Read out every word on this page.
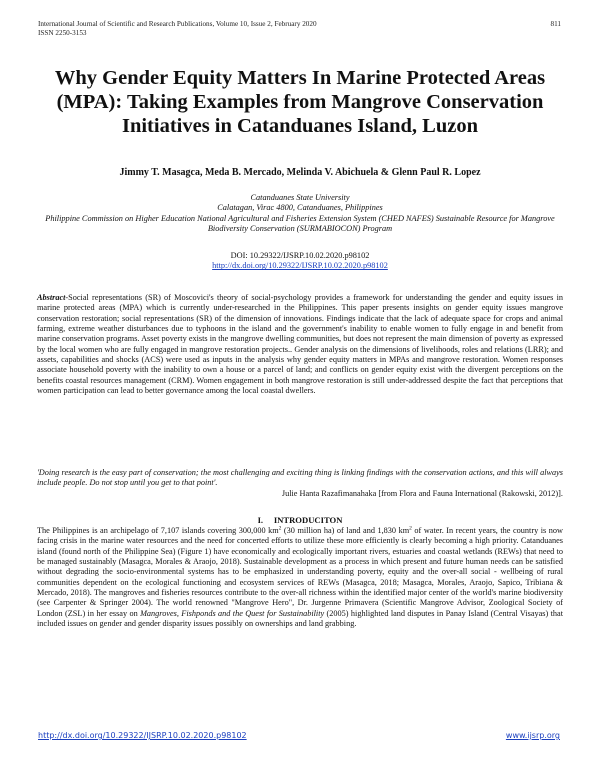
International Journal of Scientific and Research Publications, Volume 10, Issue 2, February 2020
ISSN 2250-3153
811
Why Gender Equity Matters In Marine Protected Areas (MPA): Taking Examples from Mangrove Conservation Initiatives in Catanduanes Island, Luzon
Jimmy T. Masagca, Meda B. Mercado, Melinda V. Abichuela & Glenn Paul R. Lopez
Catanduanes State University
Calatagan, Virac 4800, Catanduanes, Philippines
Philippine Commission on Higher Education National Agricultural and Fisheries Extension System (CHED NAFES) Sustainable Resource for Mangrove Biodiversity Conservation (SURMABIOCON) Program
DOI: 10.29322/IJSRP.10.02.2020.p98102
http://dx.doi.org/10.29322/IJSRP.10.02.2020.p98102
Abstract-Social representations (SR) of Moscovici's theory of social-psychology provides a framework for understanding the gender and equity issues in marine protected areas (MPA) which is currently under-researched in the Philippines. This paper presents insights on gender equity issues mangrove conservation restoration; social representations (SR) of the dimension of innovations. Findings indicate that the lack of adequate space for crops and animal farming, extreme weather disturbances due to typhoons in the island and the government's inability to enable women to fully engage in and benefit from marine conservation programs. Asset poverty exists in the mangrove dwelling communities, but does not represent the main dimension of poverty as expressed by the local women who are fully engaged in mangrove restoration projects.. Gender analysis on the dimensions of livelihoods, roles and relations (LRR); and assets, capabilities and shocks (ACS) were used as inputs in the analysis why gender equity matters in MPAs and mangrove restoration. Women responses associate household poverty with the inability to own a house or a parcel of land; and conflicts on gender equity exist with the divergent perceptions on the benefits coastal resources management (CRM). Women engagement in both mangrove restoration is still under-addressed despite the fact that perceptions that women participation can lead to better governance among the local coastal dwellers.
'Doing research is the easy part of conservation; the most challenging and exciting thing is linking findings with the conservation actions, and this will always include people. Do not stop until you get to that point'.
Julie Hanta Razafimanahaka [from Flora and Fauna International (Rakowski, 2012)].
I. INTRODUCITON
The Philippines is an archipelago of 7,107 islands covering 300,000 $km^2$ (30 million ha) of land and 1,830 $km^2$ of water. In recent years, the country is now facing crisis in the marine water resources and the need for concerted efforts to utilize these more efficiently is clearly becoming a high priority. Catanduanes island (found north of the Philippine Sea) (Figure 1) have economically and ecologically important rivers, estuaries and coastal wetlands (REWs) that need to be managed sustainably (Masagca, Morales & Araojo, 2018). Sustainable development as a process in which present and future human needs can be satisfied without degrading the socio-environmental systems has to be emphasized in understanding poverty, equity and the over-all social - wellbeing of rural communities dependent on the ecological functioning and ecosystem services of REWs (Masagca, 2018; Masagca, Morales, Araojo, Sapico, Tribiana & Mercado, 2018). The mangroves and fisheries resources contribute to the over-all richness within the identified major center of the world's marine biodiversity (see Carpenter & Springer 2004). The world renowned "Mangrove Hero", Dr. Jurgenne Primavera (Scientific Mangrove Advisor, Zoological Society of London (ZSL) in her essay on Mangroves, Fishponds and the Quest for Sustainability (2005) highlighted land disputes in Panay Island (Central Visayas) that included issues on gender and gender disparity issues possibly on ownerships and land grabbing.
http://dx.doi.org/10.29322/IJSRP.10.02.2020.p98102	www.ijsrp.org
